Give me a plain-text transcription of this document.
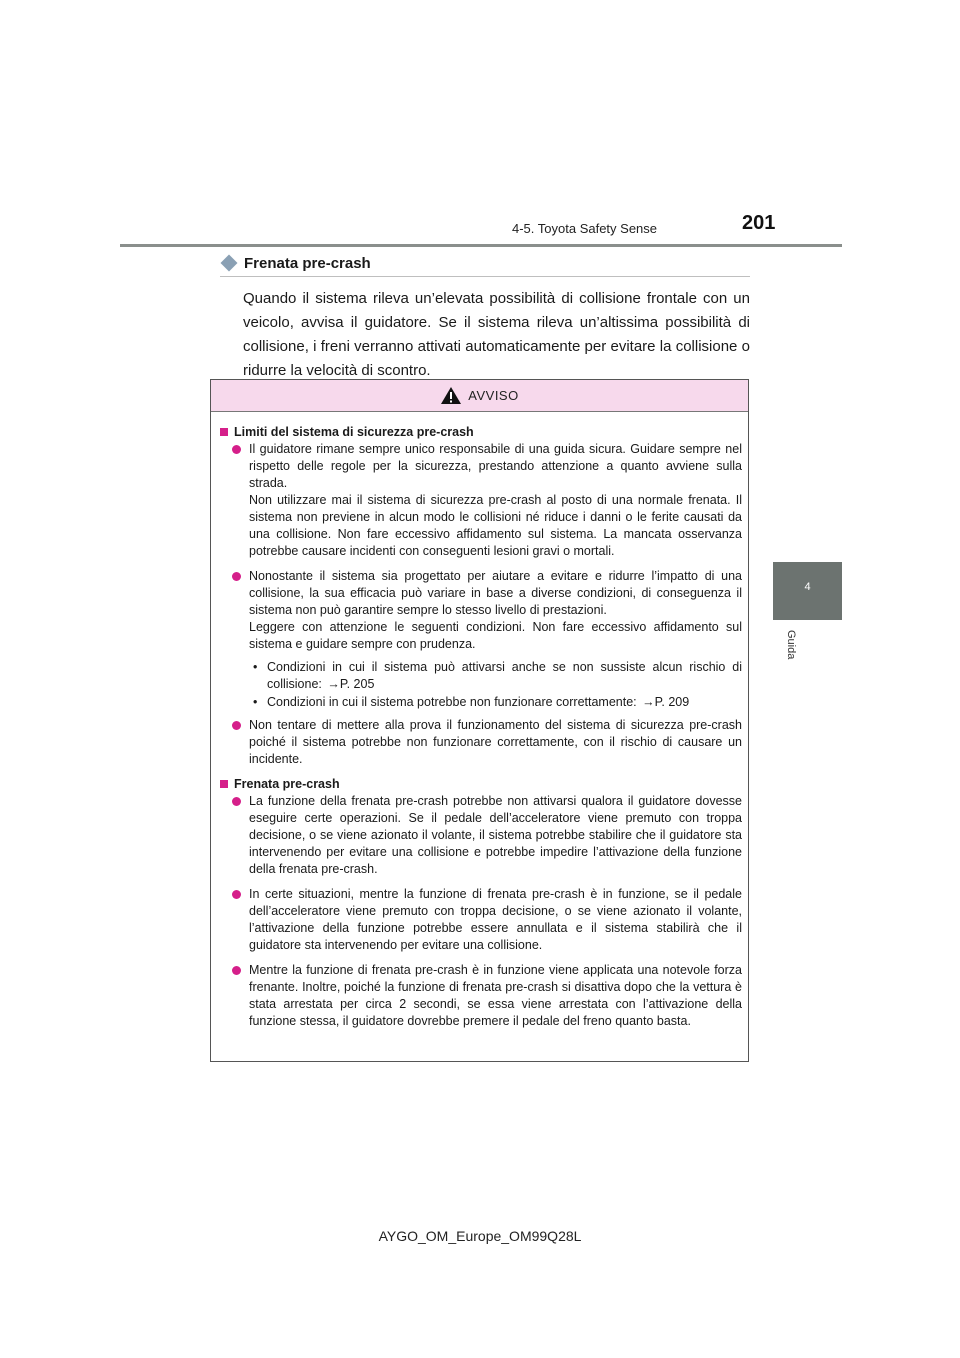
4-5. Toyota Safety Sense	201
4
Guida
Frenata pre-crash
Quando il sistema rileva un’elevata possibilità di collisione frontale con un veicolo, avvisa il guidatore. Se il sistema rileva un’altissima possibilità di collisione, i freni verranno attivati automaticamente per evitare la collisione o ridurre la velocità di scontro.
AVVISO
Limiti del sistema di sicurezza pre-crash
Il guidatore rimane sempre unico responsabile di una guida sicura. Guidare sempre nel rispetto delle regole per la sicurezza, prestando attenzione a quanto avviene sulla strada.
Non utilizzare mai il sistema di sicurezza pre-crash al posto di una normale frenata. Il sistema non previene in alcun modo le collisioni né riduce i danni o le ferite causati da una collisione. Non fare eccessivo affidamento sul sistema. La mancata osservanza potrebbe causare incidenti con conseguenti lesioni gravi o mortali.
Nonostante il sistema sia progettato per aiutare a evitare e ridurre l’impatto di una collisione, la sua efficacia può variare in base a diverse condizioni, di conseguenza il sistema non può garantire sempre lo stesso livello di prestazioni.
Leggere con attenzione le seguenti condizioni. Non fare eccessivo affidamento sul sistema e guidare sempre con prudenza.
• Condizioni in cui il sistema può attivarsi anche se non sussiste alcun rischio di collisione: →P. 205
• Condizioni in cui il sistema potrebbe non funzionare correttamente: →P. 209
Non tentare di mettere alla prova il funzionamento del sistema di sicurezza pre-crash poiché il sistema potrebbe non funzionare correttamente, con il rischio di causare un incidente.
Frenata pre-crash
La funzione della frenata pre-crash potrebbe non attivarsi qualora il guidatore dovesse eseguire certe operazioni. Se il pedale dell’acceleratore viene premuto con troppa decisione, o se viene azionato il volante, il sistema potrebbe stabilire che il guidatore sta intervenendo per evitare una collisione e potrebbe impedire l’attivazione della funzione della frenata pre-crash.
In certe situazioni, mentre la funzione di frenata pre-crash è in funzione, se il pedale dell’acceleratore viene premuto con troppa decisione, o se viene azionato il volante, l’attivazione della funzione potrebbe essere annullata e il sistema stabilirà che il guidatore sta intervenendo per evitare una collisione.
Mentre la funzione di frenata pre-crash è in funzione viene applicata una notevole forza frenante. Inoltre, poiché la funzione di frenata pre-crash si disattiva dopo che la vettura è stata arrestata per circa 2 secondi, se essa viene arrestata con l’attivazione della funzione stessa, il guidatore dovrebbe premere il pedale del freno quanto basta.
AYGO_OM_Europe_OM99Q28L
